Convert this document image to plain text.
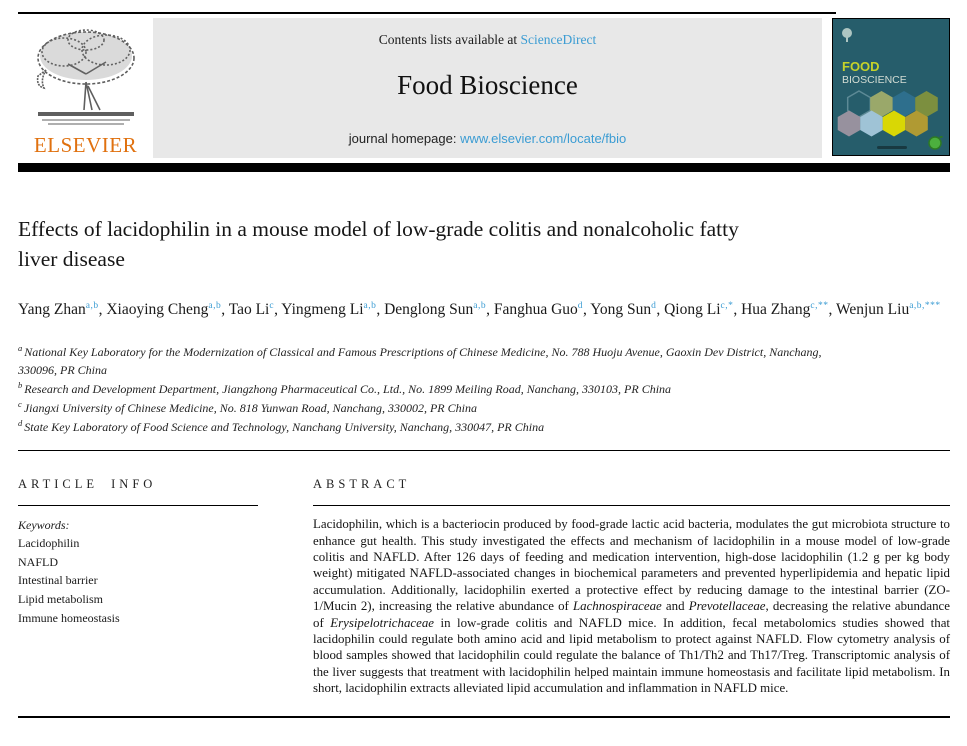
ELSEVIER
Contents lists available at ScienceDirect
Food Bioscience
journal homepage: www.elsevier.com/locate/fbio
FOOD
BIOSCIENCE
Effects of lacidophilin in a mouse model of low-grade colitis and nonalcoholic fatty liver disease
Yang Zhan$^{a,b}$, Xiaoying Cheng$^{a,b}$, Tao Li$^c$, Yingmeng Li$^{a,b}$, Denglong Sun$^{a,b}$, Fanghua Guo$^d$, Yong Sun$^d$, Qiong $Li^{c,*}$, Hua Zhang$^{c,**}$, Wenjun Liu$^{a,b,***}$
$^a$ National Key Laboratory for the Modernization of Classical and Famous Prescriptions of Chinese Medicine, No. 788 Huoju Avenue, Gaoxin Dev District, Nanchang, 330096, PR China
$^b$ Research and Development Department, Jiangzhong Pharmaceutical Co., Ltd., No. 1899 Meiling Road, Nanchang, 330103, PR China
$^c$ Jiangxi University of Chinese Medicine, No. 818 Yunwan Road, Nanchang, 330002, PR China
$^d$ State Key Laboratory of Food Science and Technology, Nanchang University, Nanchang, 330047, PR China
ARTICLE INFO
Keywords:
Lacidophilin
NAFLD
Intestinal barrier
Lipid metabolism
Immune homeostasis
ABSTRACT

Lacidophilin, which is a bacteriocin produced by food-grade lactic acid bacteria, modulates the gut microbiota structure to enhance gut health. This study investigated the effects and mechanism of lacidophilin in a mouse model of low-grade colitis and NAFLD. After 126 days of feeding and medication intervention, high-dose lacidophilin (1.2 g per kg body weight) mitigated NAFLD-associated changes in biochemical parameters and prevented hyperlipidemia and hepatic lipid accumulation. Additionally, lacidophilin exerted a protective effect by reducing damage to the intestinal barrier (ZO-1/Mucin 2), increasing the relative abundance of Lachnospiraceae and Prevotellaceae, decreasing the relative abundance of Erysipelotrichaceae in low-grade colitis and NAFLD mice. In addition, fecal metabolomics studies showed that lacidophilin could regulate both amino acid and lipid metabolism to protect against NAFLD. Flow cytometry analysis of blood samples showed that lacidophilin could regulate the balance of Th1/Th2 and Th17/Treg. Transcriptomic analysis of the liver suggests that treatment with lacidophilin helped maintain immune homeostasis and facilitate lipid metabolism. In short, lacidophilin extracts alleviated lipid accumulation and inflammation in NAFLD mice.
